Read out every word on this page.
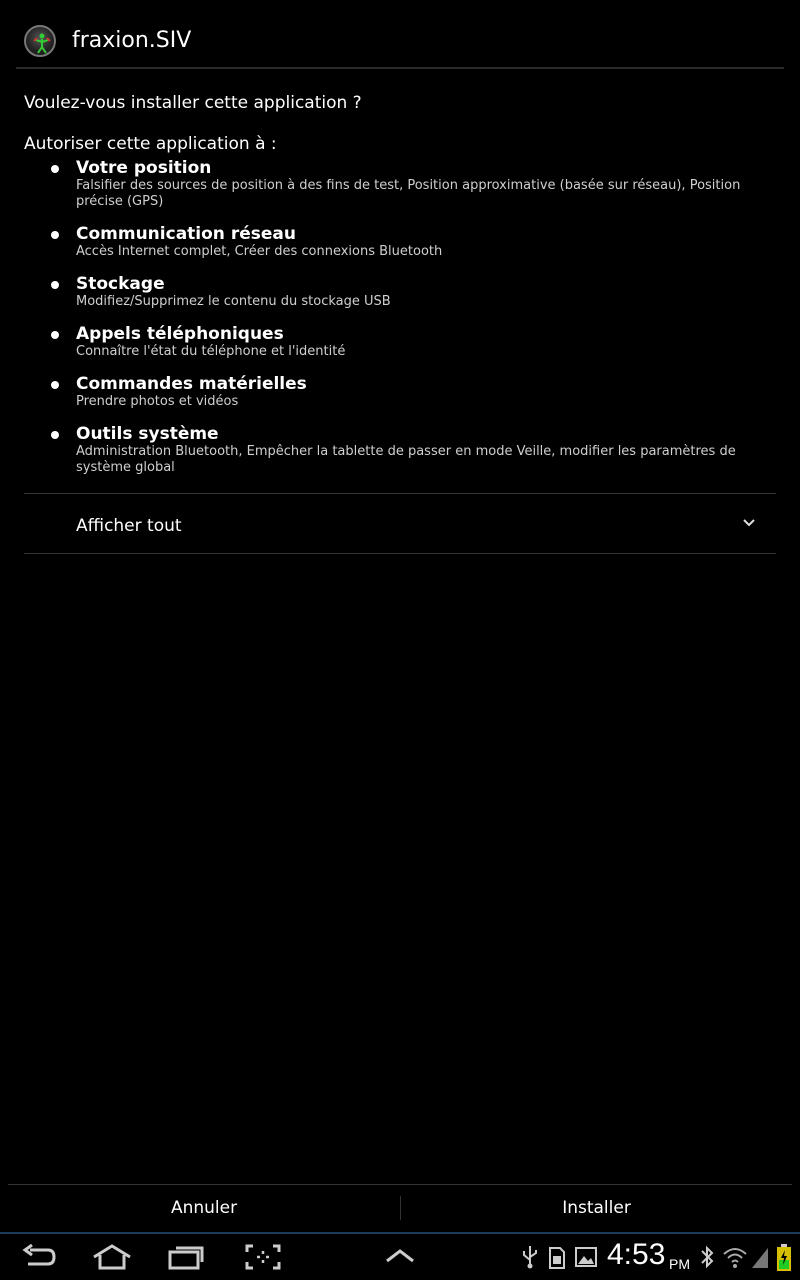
fraxion.SIV
Voulez-vous installer cette application ?
Autoriser cette application à :
Votre position
Falsifier des sources de position à des fins de test, Position approximative (basée sur réseau), Position précise (GPS)
Communication réseau
Accès Internet complet, Créer des connexions Bluetooth
Stockage
Modifiez/Supprimez le contenu du stockage USB
Appels téléphoniques
Connaître l'état du téléphone et l'identité
Commandes matérielles
Prendre photos et vidéos
Outils système
Administration Bluetooth, Empêcher la tablette de passer en mode Veille, modifier les paramètres de système global
Afficher tout
Annuler	Installer
4:53 PM
